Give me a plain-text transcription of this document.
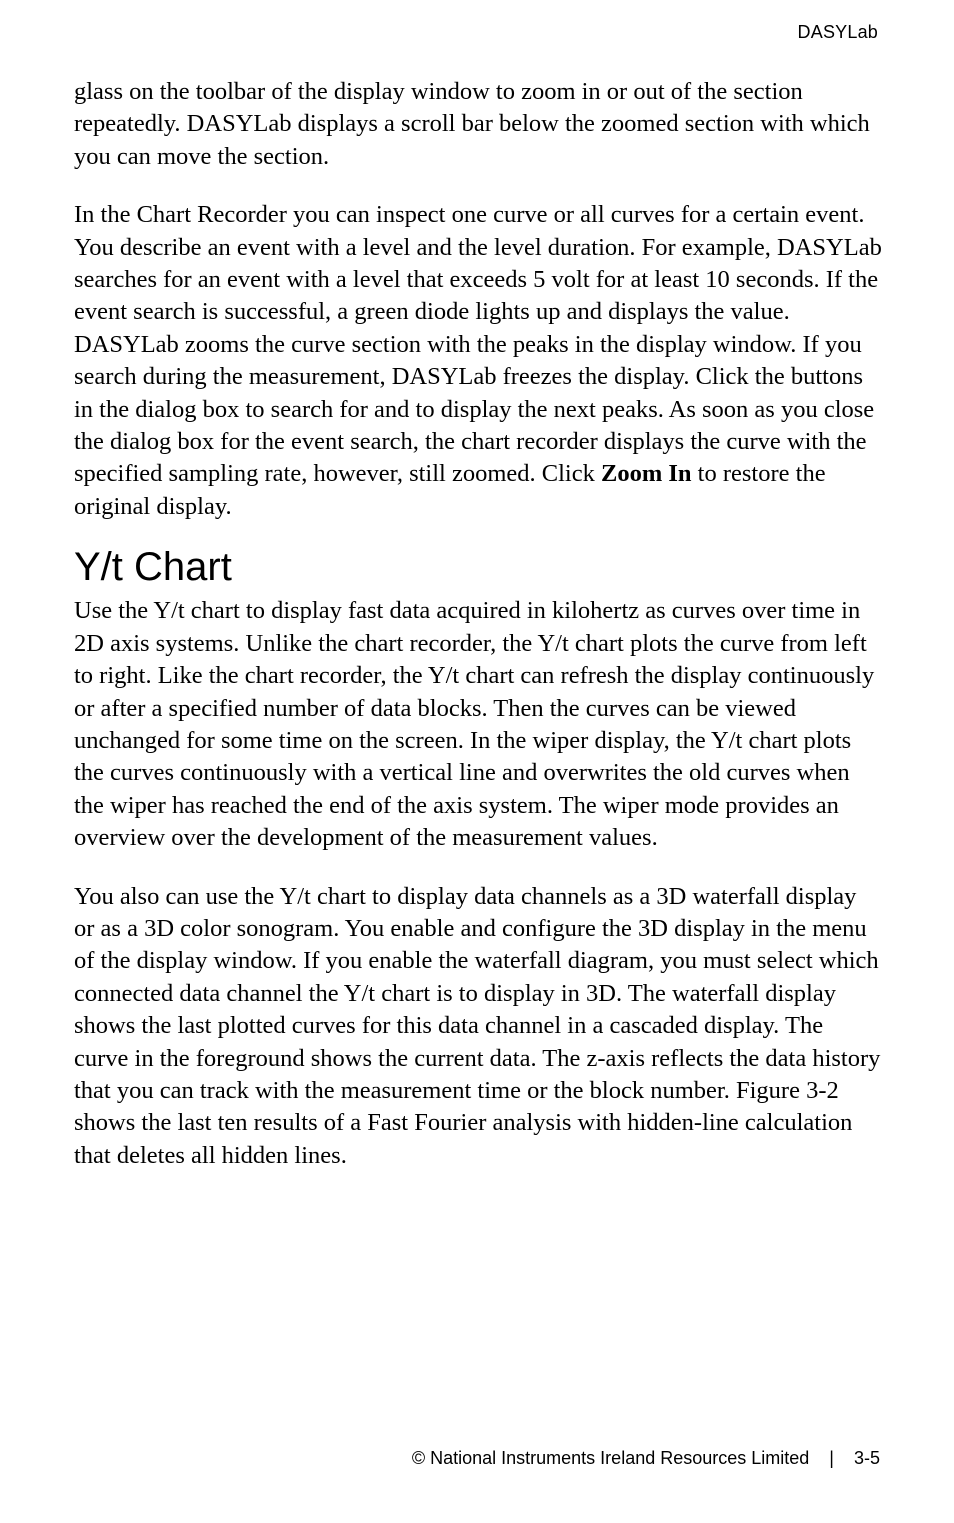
DASYLab

glass on the toolbar of the display window to zoom in or out of the section repeatedly. DASYLab displays a scroll bar below the zoomed section with which you can move the section.

In the Chart Recorder you can inspect one curve or all curves for a certain event. You describe an event with a level and the level duration. For example, DASYLab searches for an event with a level that exceeds 5 volt for at least 10 seconds. If the event search is successful, a green diode lights up and displays the value. DASYLab zooms the curve section with the peaks in the display window. If you search during the measurement, DASYLab freezes the display. Click the buttons in the dialog box to search for and to display the next peaks. As soon as you close the dialog box for the event search, the chart recorder displays the curve with the specified sampling rate, however, still zoomed. Click Zoom In to restore the original display.

Y/t Chart

Use the Y/t chart to display fast data acquired in kilohertz as curves over time in 2D axis systems. Unlike the chart recorder, the Y/t chart plots the curve from left to right. Like the chart recorder, the Y/t chart can refresh the display continuously or after a specified number of data blocks. Then the curves can be viewed unchanged for some time on the screen. In the wiper display, the Y/t chart plots the curves continuously with a vertical line and overwrites the old curves when the wiper has reached the end of the axis system. The wiper mode provides an overview over the development of the measurement values.

You also can use the Y/t chart to display data channels as a 3D waterfall display or as a 3D color sonogram. You enable and configure the 3D display in the menu of the display window. If you enable the waterfall diagram, you must select which connected data channel the Y/t chart is to display in 3D. The waterfall display shows the last plotted curves for this data channel in a cascaded display. The curve in the foreground shows the current data. The z-axis reflects the data history that you can track with the measurement time or the block number. Figure 3-2 shows the last ten results of a Fast Fourier analysis with hidden-line calculation that deletes all hidden lines.

© National Instruments Ireland Resources Limited | 3-5
